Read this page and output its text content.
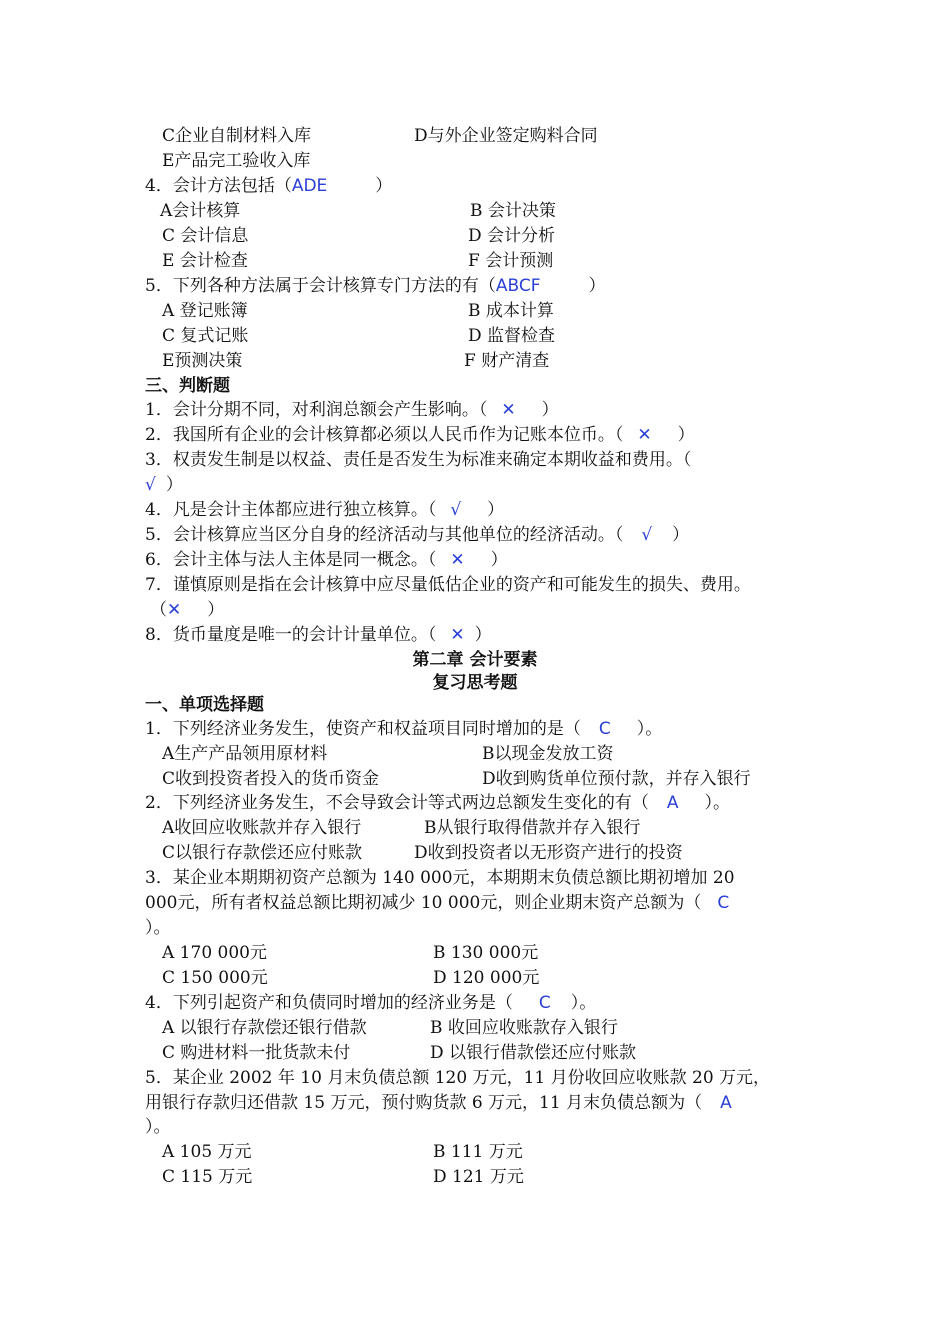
C企业自制材料入库	D与外企业签定购料合同
E产品完工验收入库
4．会计方法包括（ADE	）
A会计核算	B 会计决策
C 会计信息	D 会计分析
E 会计检查	F 会计预测
5．下列各种方法属于会计核算专门方法的有（ABCF	）
A 登记账簿	B 成本计算
C 复式记账	D 监督检查
E预测决策	F 财产清查
三、判断题
1．会计分期不同，对利润总额会产生影响。（ ✕ ）
2．我国所有企业的会计核算都必须以人民币作为记账本位币。（ ✕ ）
3．权责发生制是以权益、责任是否发生为标准来确定本期收益和费用。（
√ ）
4．凡是会计主体都应进行独立核算。（ √ ）
5．会计核算应当区分自身的经济活动与其他单位的经济活动。（ √ ）
6．会计主体与法人主体是同一概念。（ ✕ ）
7．谨慎原则是指在会计核算中应尽量低估企业的资产和可能发生的损失、费用。
（✕ ）
8．货币量度是唯一的会计计量单位。（ ✕ ）
第二章 会计要素
复习思考题
一、单项选择题
1．下列经济业务发生，使资产和权益项目同时增加的是（ C ）。
A生产产品领用原材料	B以现金发放工资
C收到投资者投入的货币资金	D收到购货单位预付款，并存入银行
2．下列经济业务发生，不会导致会计等式两边总额发生变化的有（ A ）。
A收回应收账款并存入银行	B从银行取得借款并存入银行
C以银行存款偿还应付账款	D收到投资者以无形资产进行的投资
3．某企业本期期初资产总额为 140 000元，本期期末负债总额比期初增加 20
000元，所有者权益总额比期初减少 10 000元，则企业期末资产总额为（ C
）。
A 170 000元	B 130 000元
C 150 000元	D 120 000元
4．下列引起资产和负债同时增加的经济业务是（ C ）。
A 以银行存款偿还银行借款	B 收回应收账款存入银行
C 购进材料一批货款未付	D 以银行借款偿还应付账款
5．某企业 2002 年 10 月末负债总额 120 万元，11 月份收回应收账款 20 万元，
用银行存款归还借款 15 万元，预付购货款 6 万元，11 月末负债总额为（ A
）。
A 105 万元	B 111 万元
C 115 万元	D 121 万元
